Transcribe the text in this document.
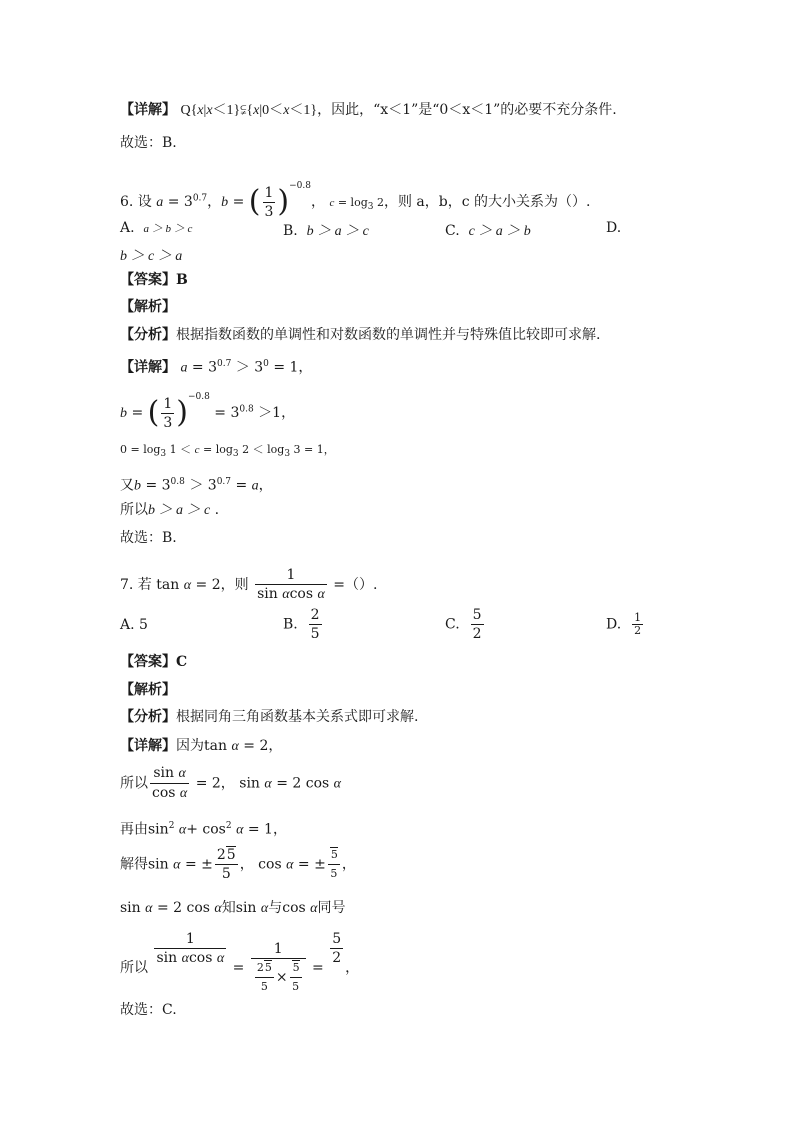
【详解】 Q{x|x＜1}⫋{x|0＜x＜1}，因此，“x＜1”是“0＜x＜1”的必要不充分条件.
故选：B.
6. 设 $a = 3^{0.7}$，b = ( $\frac{1}{3} )^{-0.8}$， $c = \log_3 2$，则 a，b，c 的大小关系为（）.
A. a ＞ b ＞ c	B. b ＞ a ＞ c	C. c ＞ a ＞ b	D.
b ＞ c ＞ a
【答案】B
【解析】
【分析】根据指数函数的单调性和对数函数的单调性并与特殊值比较即可求解.
【详解】 $a = 3^{0.7} > 3^0 = 1$，
b = ( $\frac{1}{3} )^{-0.8} = 3^{0.8} >1$，
$0 = \log_3 1 < c = \log_3 2 < \log_3 3 = 1$，
又$b = 3^{0.8} > 3^{0.7} = a$，
所以b ＞ a ＞ c .
故选：B.
7. 若 tan α = 2，则 $\frac{1}{\text{sin αcos α}}$ =（）.
A. 5	B. $\frac{2}{5}$	C. $\frac{5}{2}$	D. $\frac{1}{2}$
【答案】C
【解析】
【分析】根据同角三角函数基本关系式即可求解.
【详解】因为tan α = 2，
所以 $\frac{\text{sin α}}{\text{cos α}} = 2$， sin α = 2 cos α
再由$\sin^2 \alpha+ \cos^2 \alpha = 1$，
解得sin α = ± $\frac{25}{5}$ ， cos α = ± $\frac{5}{5}$ ，
sin α = 2 cos α知sin α与cos α同号
所以 $\frac{1}{\text{sin αcos α}} = \frac{1}{\frac{25}{5} \times \frac{5}{5}}$ =
$\frac{5}{2}$
，
故选：C.
